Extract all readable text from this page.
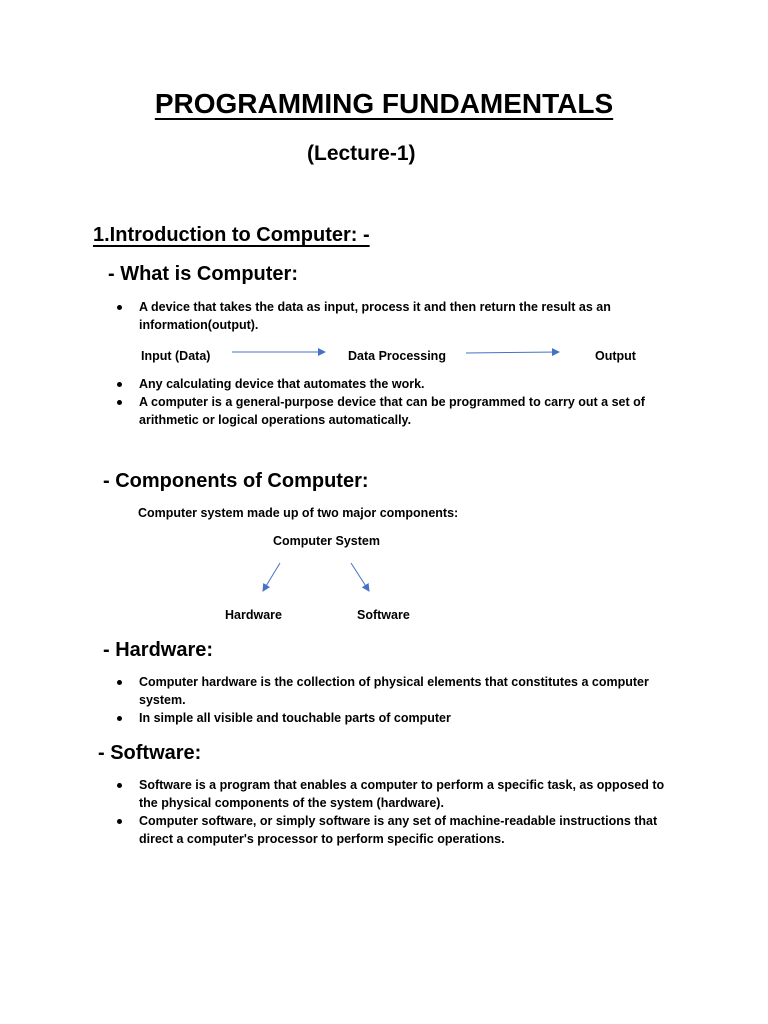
PROGRAMMING FUNDAMENTALS
(Lecture-1)
1.Introduction to Computer: -
- What is Computer:
A device that takes the data as input, process it and then return the result as an
information(output).
Input (Data)	Data Processing	Output
Any calculating device that automates the work.
A computer is a general-purpose device that can be programmed to carry out a set of
arithmetic or logical operations automatically.
- Components of Computer:
Computer system made up of two major components:
Computer System
Hardware	Software
- Hardware:
Computer hardware is the collection of physical elements that constitutes a computer
system.
In simple all visible and touchable parts of computer
- Software:
Software is a program that enables a computer to perform a specific task, as opposed to
the physical components of the system (hardware).
Computer software, or simply software is any set of machine-readable instructions that
direct a computer's processor to perform specific operations.
